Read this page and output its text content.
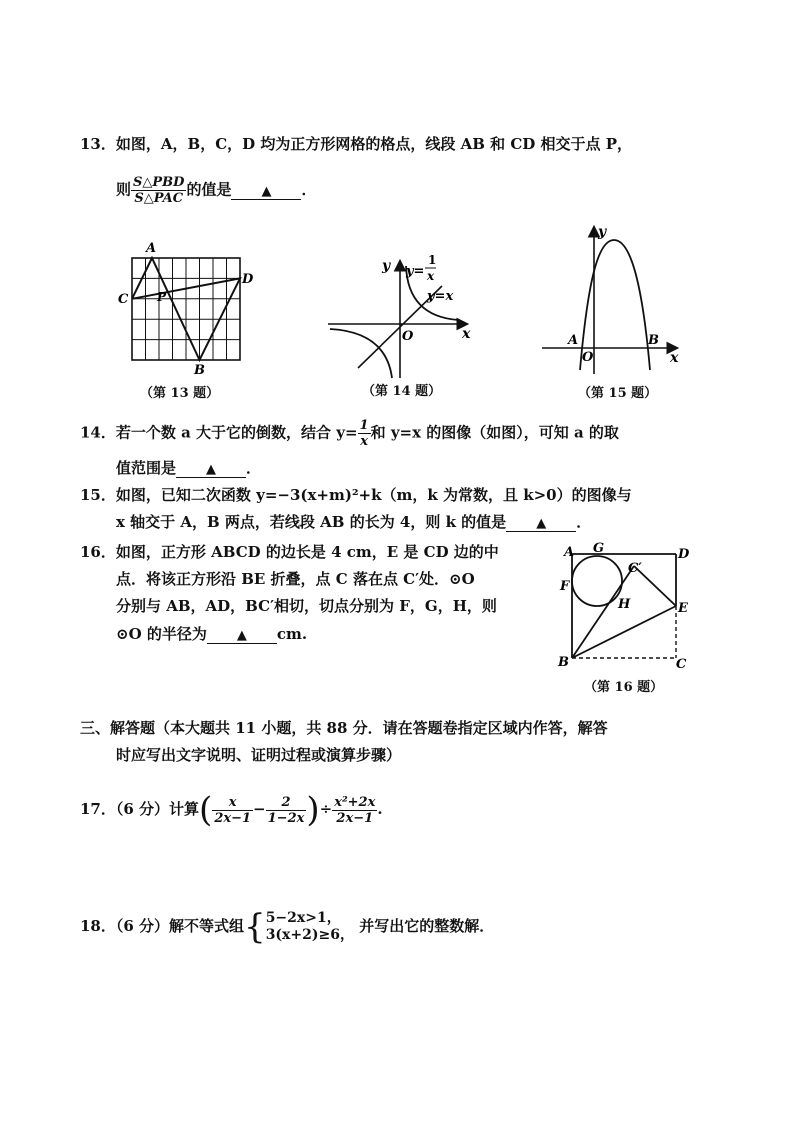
13．如图，A，B，C，D 均为正方形网格的格点，线段 AB 和 CD 相交于点 P，
则 $\frac{\text{S△PBD}}{\text{S△PAC}}$ 的值是 ▲ ．
A
B
C
D
P
（第 13 题）
y
x
O
y=
1
x
y=x
（第 14 题）
y
x
O
A	B
（第 15 题）
14．若一个数 a 大于它的倒数，结合 $y= \frac{1}{x}$ 和 y=x 的图像（如图），可知 a 的取
值范围是 ▲ ．
15．如图，已知二次函数 y=−3(x+m)²+k（m，k 为常数，且 k>0）的图像与
x 轴交于 A，B 两点，若线段 AB 的长为 4，则 k 的值是 ▲ ．
16．如图，正方形 ABCD 的边长是 4 cm，E 是 CD 边的中
点．将该正方形沿 BE 折叠，点 C 落在点 C′处．⊙O
分别与 AB，AD，BC′相切，切点分别为 F，G，H，则
⊙O 的半径为 ▲ cm.
A G	D
C′
F
H	E
B	C
（第 16 题）
三、解答题（本大题共 11 小题，共 88 分．请在答题卷指定区域内作答，解答
时应写出文字说明、证明过程或演算步骤）
17．（6 分）计算( $\frac{x}{2x-1} - \frac{2}{1-2x}$ )÷ $\frac{\text{x²+2x}}{2x-1}$ .
18．（6 分）解不等式组{ 5−2x>1，
3(x+2)≥6， 并写出它的整数解．
